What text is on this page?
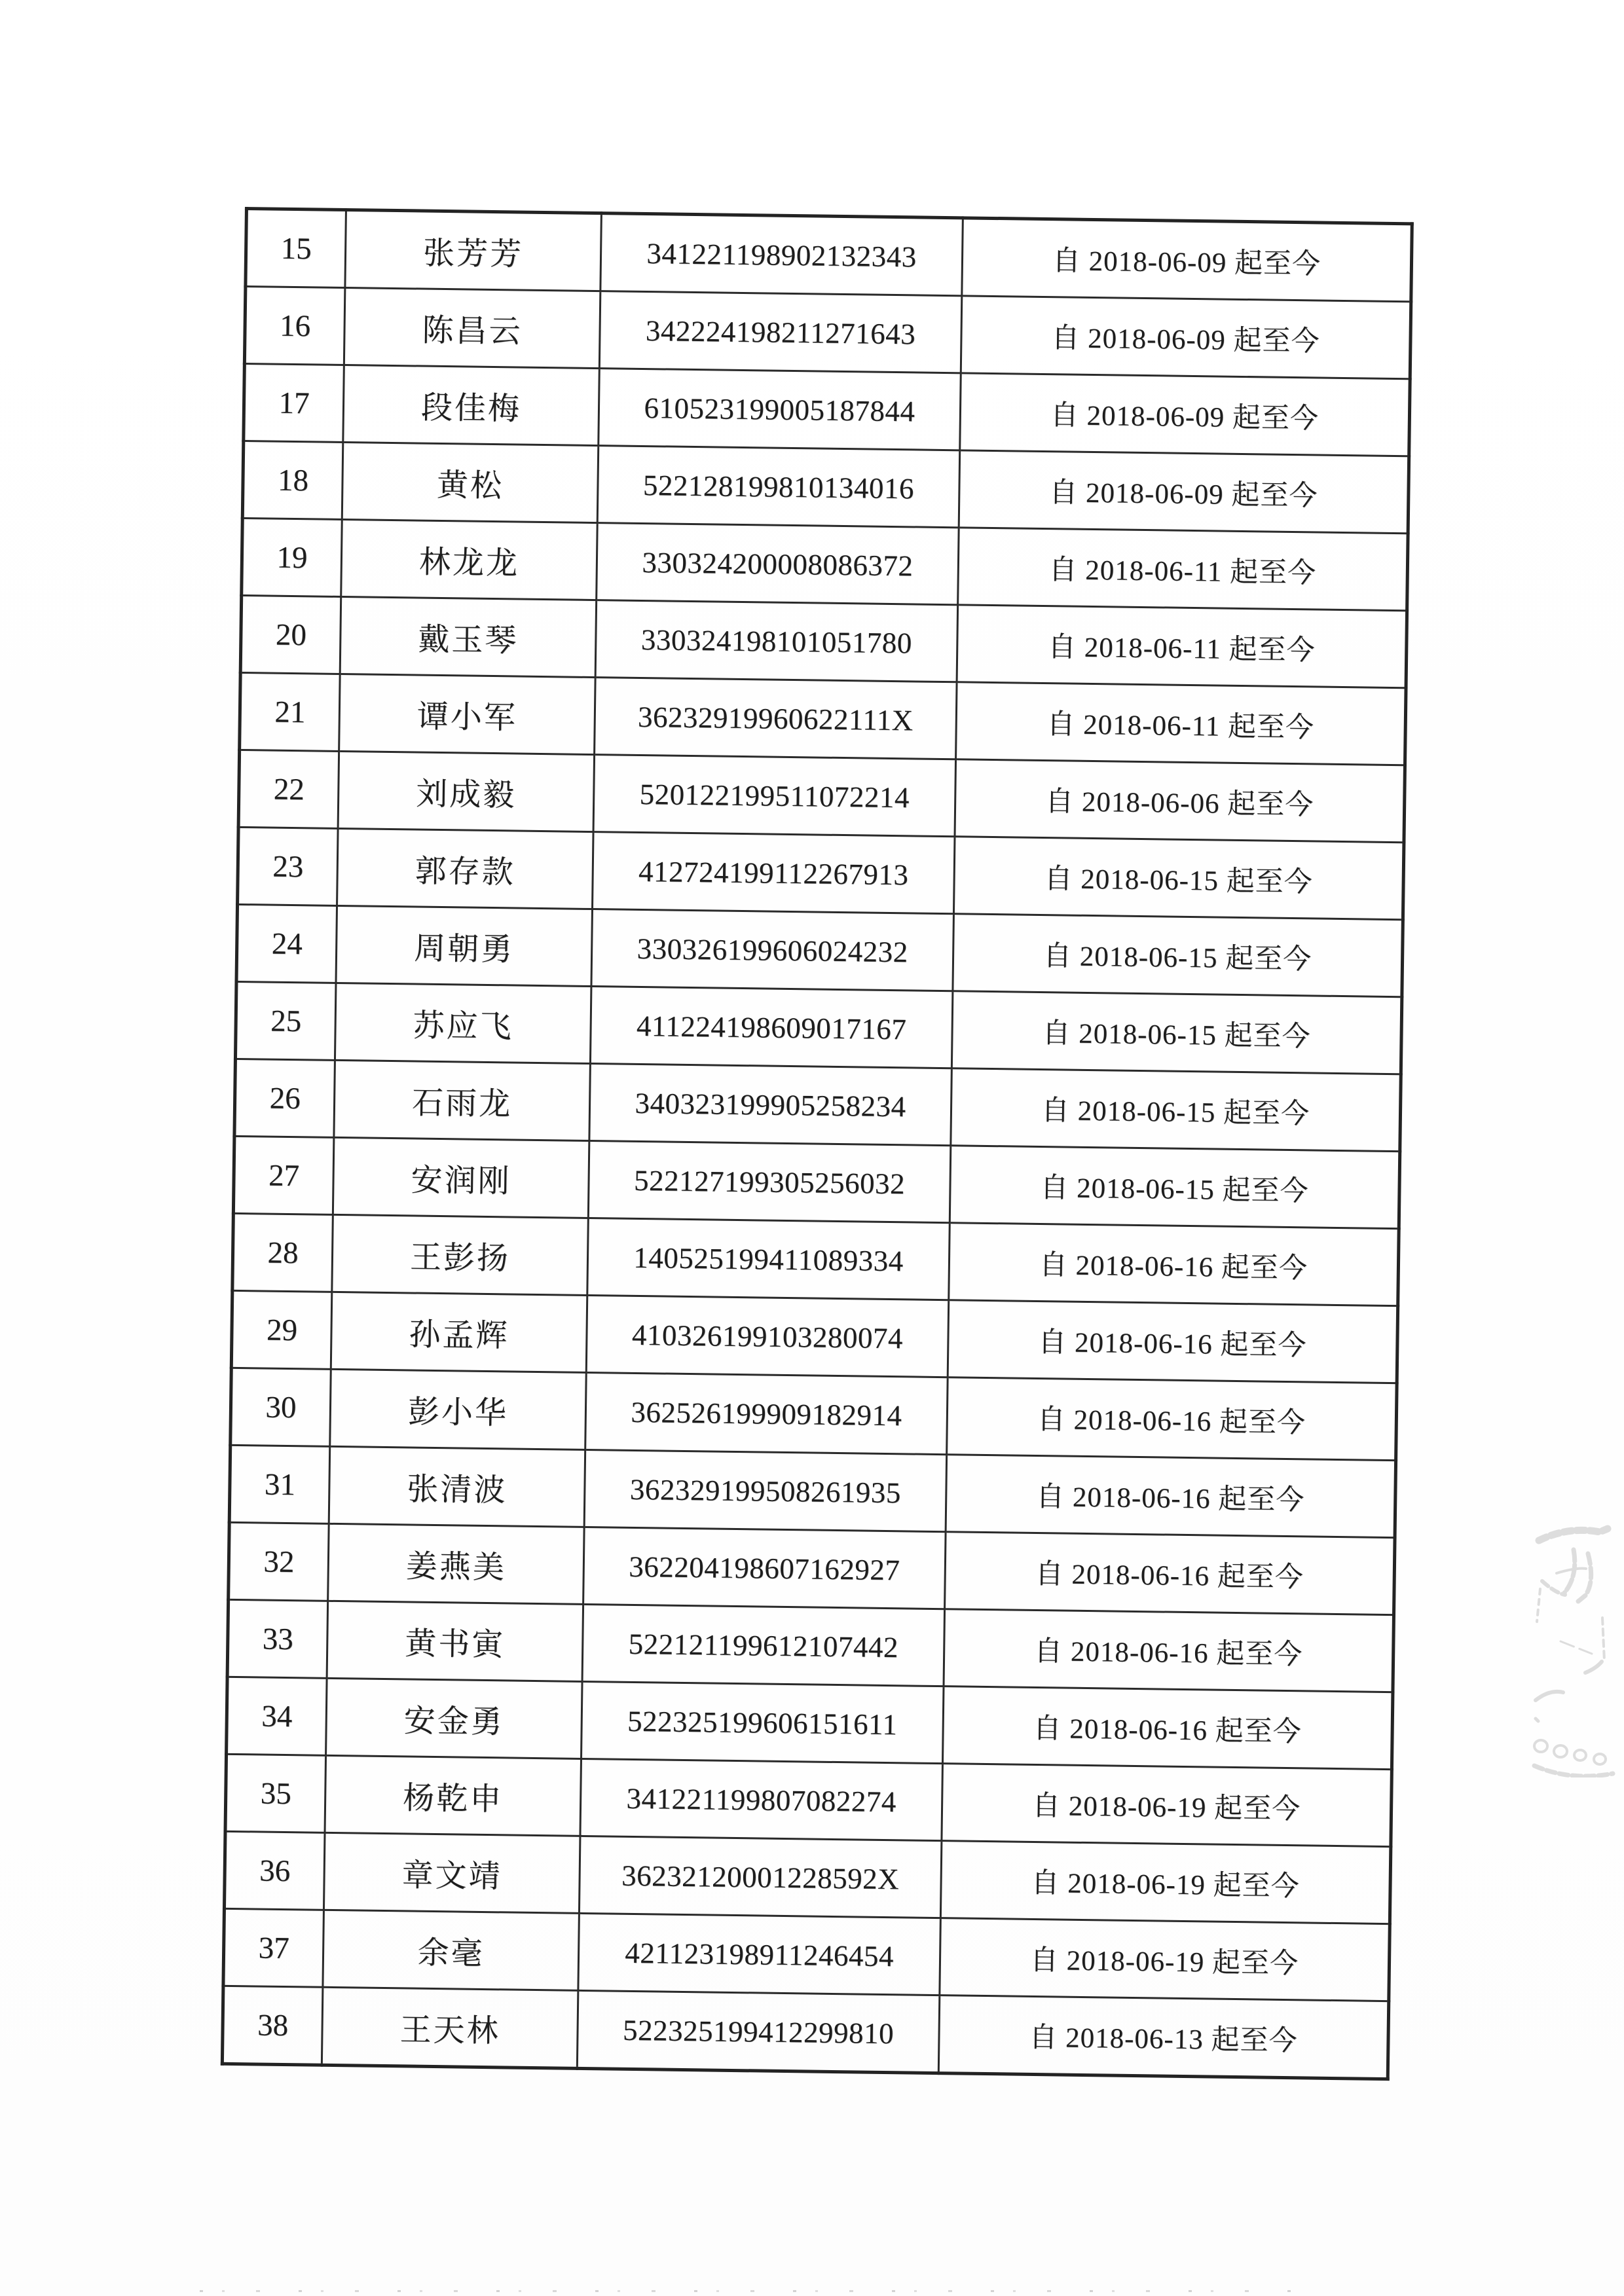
15	张芳芳	341221198902132343	自 2018-06-09 起至今
16	陈昌云	342224198211271643	自 2018-06-09 起至今
17	段佳梅	610523199005187844	自 2018-06-09 起至今
18	黄松	522128199810134016	自 2018-06-09 起至今
19	林龙龙	330324200008086372	自 2018-06-11 起至今
20	戴玉琴	330324198101051780	自 2018-06-11 起至今
21	谭小军	36232919960622111X	自 2018-06-11 起至今
22	刘成毅	520122199511072214	自 2018-06-06 起至今
23	郭存款	412724199112267913	自 2018-06-15 起至今
24	周朝勇	330326199606024232	自 2018-06-15 起至今
25	苏应飞	411224198609017167	自 2018-06-15 起至今
26	石雨龙	340323199905258234	自 2018-06-15 起至今
27	安润刚	522127199305256032	自 2018-06-15 起至今
28	王彭扬	140525199411089334	自 2018-06-16 起至今
29	孙孟辉	410326199103280074	自 2018-06-16 起至今
30	彭小华	362526199909182914	自 2018-06-16 起至今
31	张清波	362329199508261935	自 2018-06-16 起至今
32	姜燕美	362204198607162927	自 2018-06-16 起至今
33	黄书寅	522121199612107442	自 2018-06-16 起至今
34	安金勇	522325199606151611	自 2018-06-16 起至今
35	杨乾申	341221199807082274	自 2018-06-19 起至今
36	章文靖	36232120001228592X	自 2018-06-19 起至今
37	余毫	421123198911246454	自 2018-06-19 起至今
38	王天林	522325199412299810	自 2018-06-13 起至今
